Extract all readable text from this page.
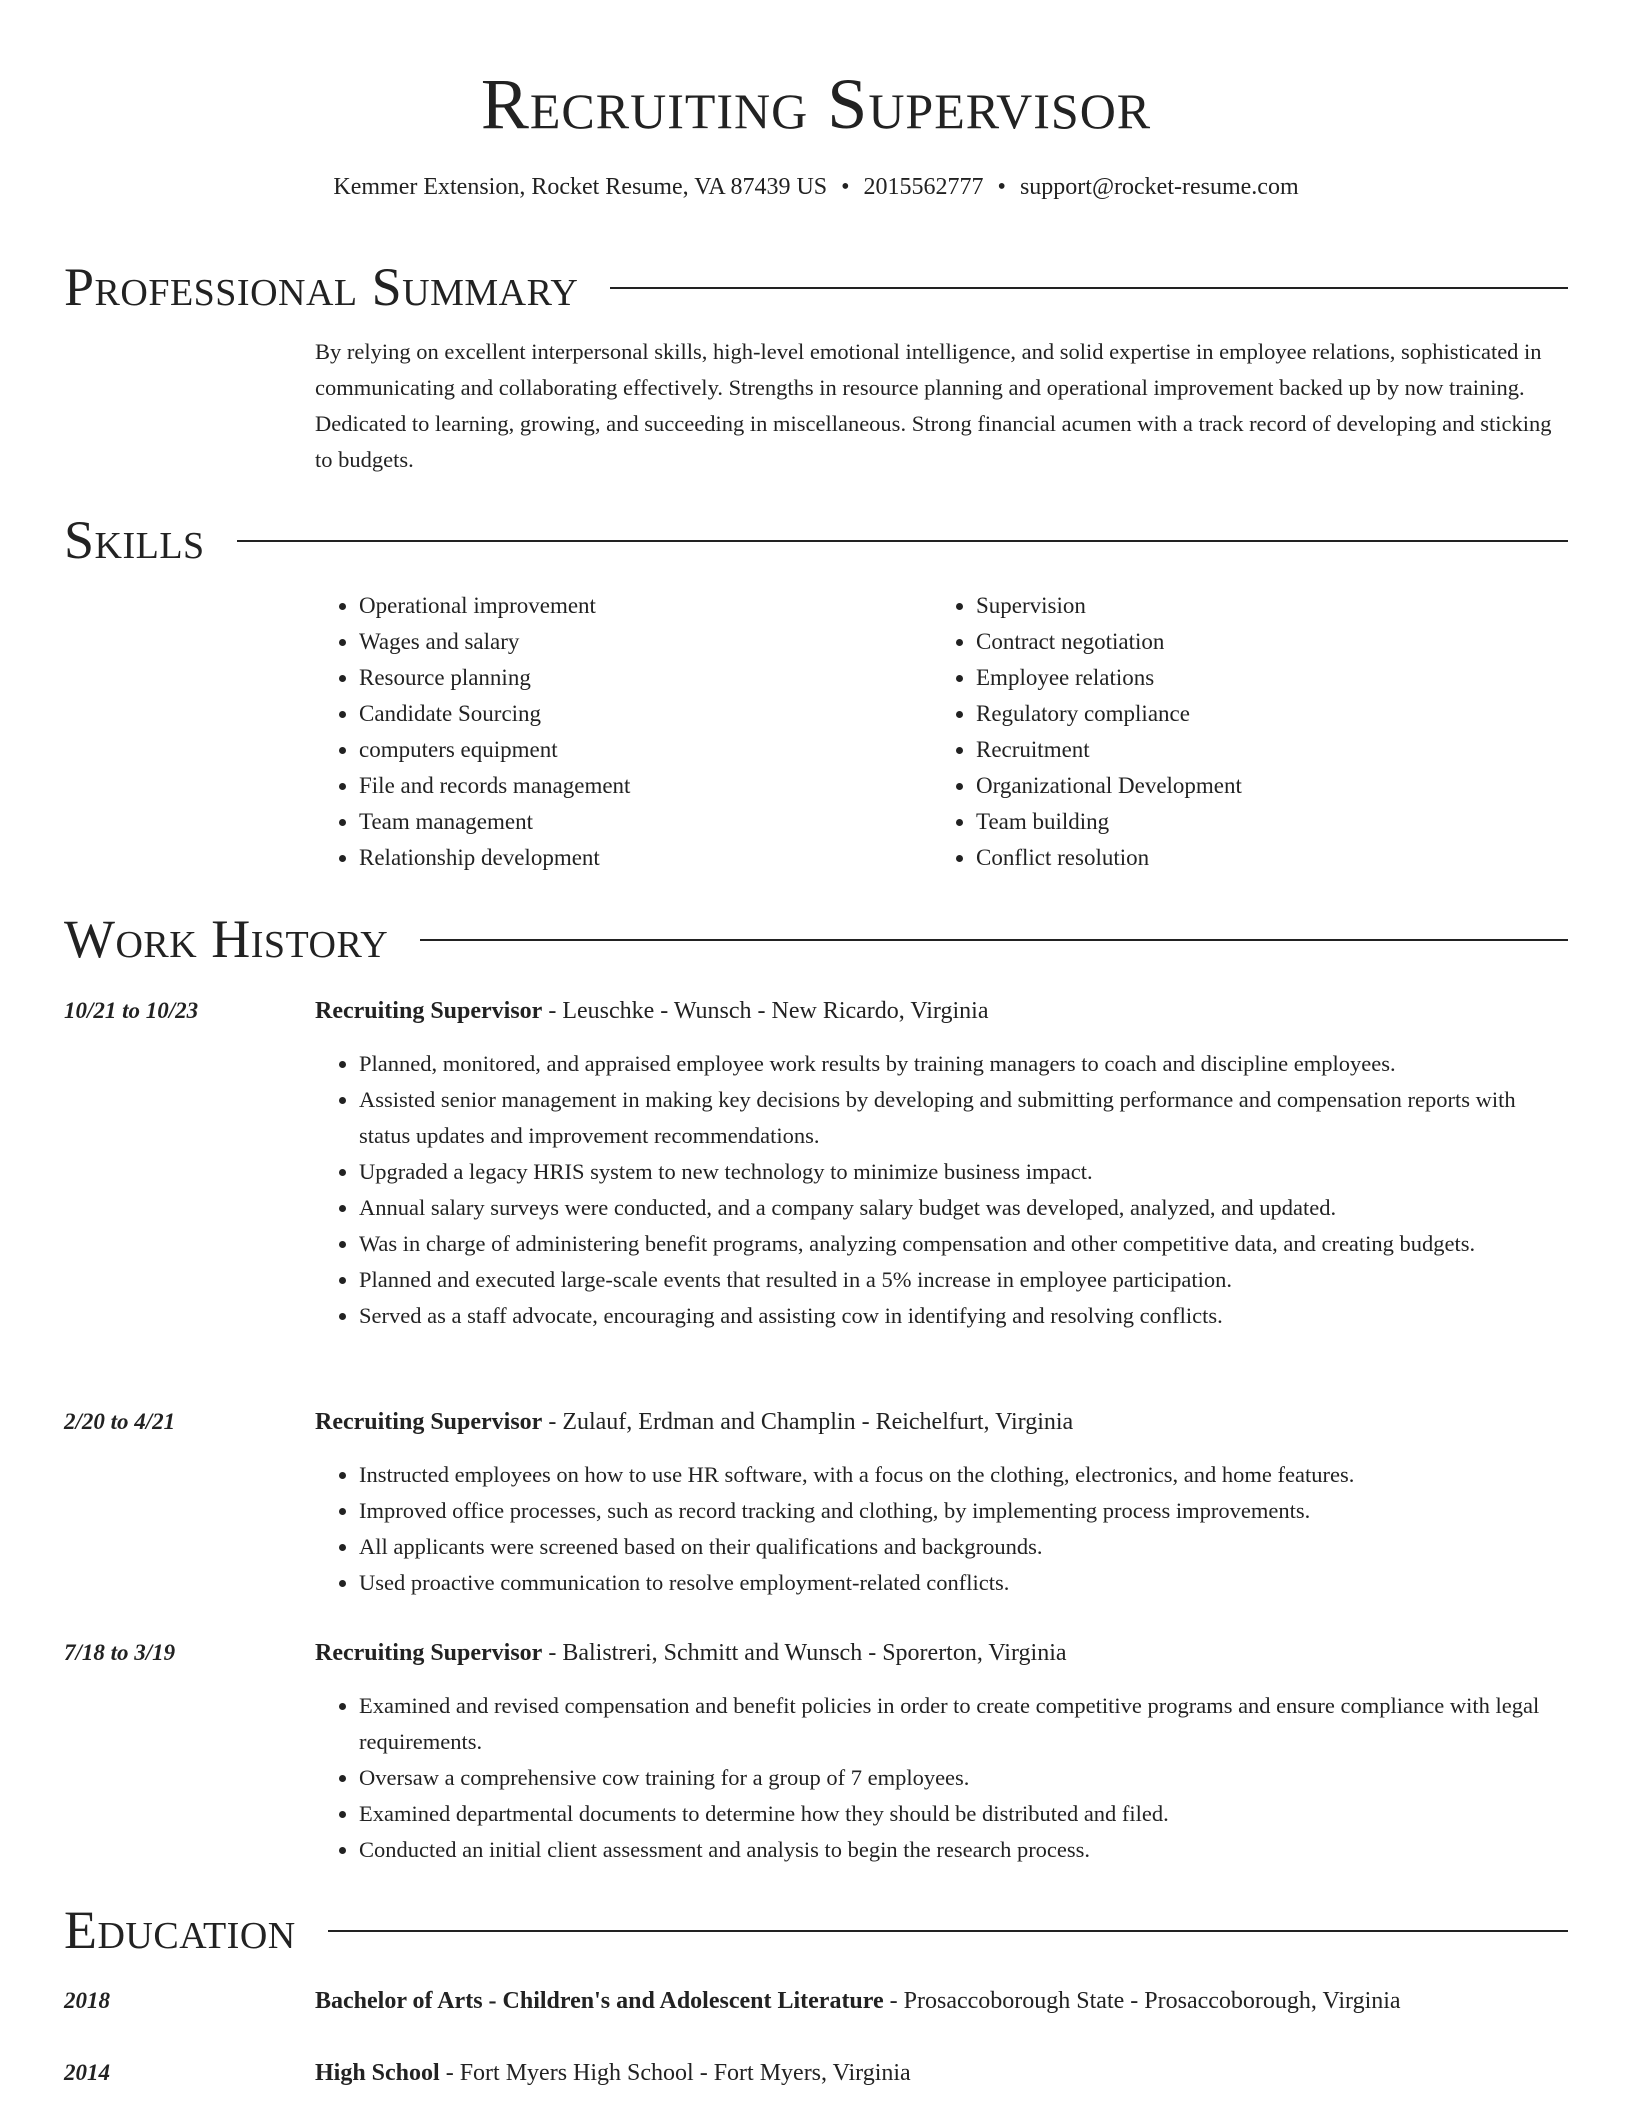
Recruiting Supervisor
Kemmer Extension, Rocket Resume, VA 87439 US • 2015562777 • support@rocket-resume.com
Professional Summary

By relying on excellent interpersonal skills, high-level emotional intelligence, and solid expertise in employee relations, sophisticated in communicating and collaborating effectively. Strengths in resource planning and operational improvement backed up by now training. Dedicated to learning, growing, and succeeding in miscellaneous. Strong financial acumen with a track record of developing and sticking to budgets.

Skills
• Operational improvement
• Wages and salary
• Resource planning
• Candidate Sourcing
• computers equipment
• File and records management
• Team management
• Relationship development
• Supervision
• Contract negotiation
• Employee relations
• Regulatory compliance
• Recruitment
• Organizational Development
• Team building
• Conflict resolution
Work History
10/21 to 10/23	Recruiting Supervisor - Leuschke - Wunsch - New Ricardo, Virginia
• Planned, monitored, and appraised employee work results by training managers to coach and discipline employees.
• Assisted senior management in making key decisions by developing and submitting performance and compensation reports with status updates and improvement recommendations.
• Upgraded a legacy HRIS system to new technology to minimize business impact.
• Annual salary surveys were conducted, and a company salary budget was developed, analyzed, and updated.
• Was in charge of administering benefit programs, analyzing compensation and other competitive data, and creating budgets.
• Planned and executed large-scale events that resulted in a 5% increase in employee participation.
• Served as a staff advocate, encouraging and assisting cow in identifying and resolving conflicts.
2/20 to 4/21	Recruiting Supervisor - Zulauf, Erdman and Champlin - Reichelfurt, Virginia
• Instructed employees on how to use HR software, with a focus on the clothing, electronics, and home features.
• Improved office processes, such as record tracking and clothing, by implementing process improvements.
• All applicants were screened based on their qualifications and backgrounds.
• Used proactive communication to resolve employment-related conflicts.
7/18 to 3/19	Recruiting Supervisor - Balistreri, Schmitt and Wunsch - Sporerton, Virginia
• Examined and revised compensation and benefit policies in order to create competitive programs and ensure compliance with legal requirements.
• Oversaw a comprehensive cow training for a group of 7 employees.
• Examined departmental documents to determine how they should be distributed and filed.
• Conducted an initial client assessment and analysis to begin the research process.
Education
2018	Bachelor of Arts - Children's and Adolescent Literature - Prosaccoborough State - Prosaccoborough, Virginia
2014	High School - Fort Myers High School - Fort Myers, Virginia
